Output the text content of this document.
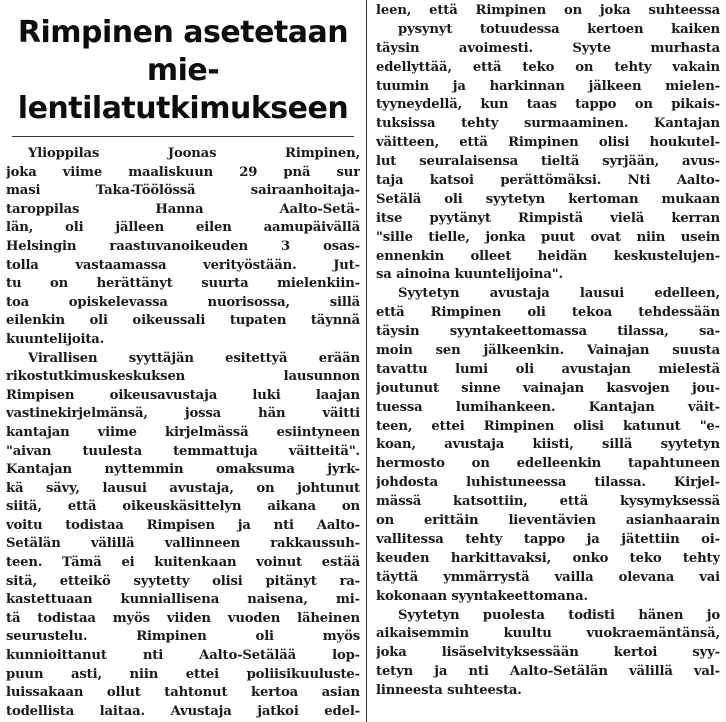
Rimpinen asetetaan mie-
lentilatutkimukseen
Ylioppilas Joonas Rimpinen,
joka viime maaliskuun 29 pnä sur
masi Taka-Töölössä sairaanhoitaja-
taroppilas Hanna Aalto-Setä-
län, oli jälleen eilen aamupäivällä
Helsingin raastuvanoikeuden 3 osas-
tolla vastaamassa verityöstään. Jut-
tu on herättänyt suurta mielenkiin-
toa opiskelevassa nuorisossa, sillä
eilenkin oli oikeussali tupaten täynnä
kuuntelijoita.
Virallisen syyttäjän esitettyä erään
rikostutkimuskeskuksen lausunnon
Rimpisen oikeusavustaja luki laajan
vastinekirjelmänsä, jossa hän väitti
kantajan viime kirjelmässä esiintyneen
"aivan tuulesta temmattuja väitteitä".
Kantajan nyttemmin omaksuma jyrk-
kä sävy, lausui avustaja, on johtunut
siitä, että oikeuskäsittelyn aikana on
voitu todistaa Rimpisen ja nti Aalto-
Setälän välillä vallinneen rakkaussuh-
teen. Tämä ei kuitenkaan voinut estää
sitä, etteikö syytetty olisi pitänyt ra-
kastettuaan kunniallisena naisena, mi-
tä todistaa myös viiden vuoden läheinen
seurustelu. Rimpinen oli myös
kunnioittanut nti Aalto-Setälää lop-
puun asti, niin ettei poliisikuuluste-
luissakaan ollut tahtonut kertoa asian
todellista laitaa. Avustaja jatkoi edel-
leen, että Rimpinen on joka suhteessa
pysynyt totuudessa kertoen kaiken
täysin avoimesti. Syyte murhasta
edellyttää, että teko on tehty vakain
tuumin ja harkinnan jälkeen mielen-
tyyneydellä, kun taas tappo on pikais-
tuksissa tehty surmaaminen. Kantajan
väitteen, että Rimpinen olisi houkutel-
lut seuralaisensa tieltä syrjään, avus-
taja katsoi perättömäksi. Nti Aalto-
Setälä oli syytetyn kertoman mukaan
itse pyytänyt Rimpistä vielä kerran
"sille tielle, jonka puut ovat niin usein
ennenkin olleet heidän keskustelujen-
sa ainoina kuuntelijoina".
Syytetyn avustaja lausui edelleen,
että Rimpinen oli tekoa tehdessään
täysin syyntakeettomassa tilassa, sa-
moin sen jälkeenkin. Vainajan suusta
tavattu lumi oli avustajan mielestä
joutunut sinne vainajan kasvojen jou-
tuessa lumihankeen. Kantajan väit-
teen, ettei Rimpinen olisi katunut "e-
koan, avustaja kiisti, sillä syytetyn
hermosto on edelleenkin tapahtuneen
johdosta luhistuneessa tilassa. Kirjel-
mässä katsottiin, että kysymyksessä
on erittäin lieventävien asianhaarain
vallitessa tehty tappo ja jätettiin oi-
keuden harkittavaksi, onko teko tehty
täyttä ymmärrystä vailla olevana vai
kokonaan syyntakeettomana.
Syytetyn puolesta todisti hänen jo
aikaisemmin kuultu vuokraemäntänsä,
joka lisäselvityksessään kertoi syy-
tetyn ja nti Aalto-Setälän välillä val-
linneesta suhteesta.
